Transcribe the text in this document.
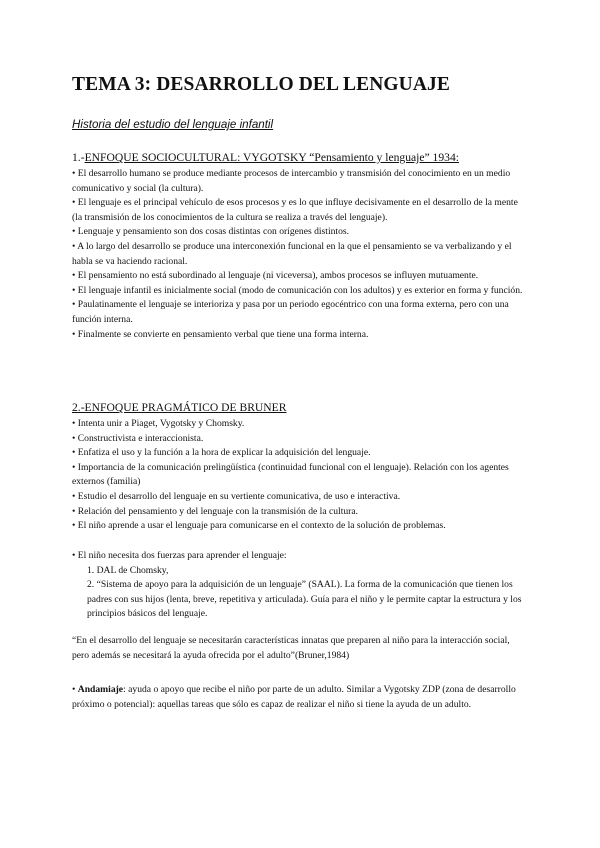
TEMA 3: DESARROLLO DEL LENGUAJE

Historia del estudio del lenguaje infantil

1.-ENFOQUE SOCIOCULTURAL: VYGOTSKY “Pensamiento y lenguaje” 1934:

• El desarrollo humano se produce mediante procesos de intercambio y transmisión del conocimiento en un medio comunicativo y social (la cultura).
• El lenguaje es el principal vehículo de esos procesos y es lo que influye decisivamente en el desarrollo de la mente (la transmisión de los conocimientos de la cultura se realiza a través del lenguaje).
• Lenguaje y pensamiento son dos cosas distintas con orígenes distintos.
• A lo largo del desarrollo se produce una interconexión funcional en la que el pensamiento se va verbalizando y el habla se va haciendo racional.
• El pensamiento no está subordinado al lenguaje (ni viceversa), ambos procesos se influyen mutuamente.
• El lenguaje infantil es inicialmente social (modo de comunicación con los adultos) y es exterior en forma y función.
• Paulatinamente el lenguaje se interioriza y pasa por un periodo egocéntrico con una forma externa, pero con una función interna.
• Finalmente se convierte en pensamiento verbal que tiene una forma interna.

2.-ENFOQUE PRAGMÁTICO DE BRUNER

• Intenta unir a Piaget, Vygotsky y Chomsky.
• Constructivista e interaccionista.
• Enfatiza el uso y la función a la hora de explicar la adquisición del lenguaje.
• Importancia de la comunicación prelingüística (continuidad funcional con el lenguaje). Relación con los agentes externos (familia)
• Estudio el desarrollo del lenguaje en su vertiente comunicativa, de uso e interactiva.
• Relación del pensamiento y del lenguaje con la transmisión de la cultura.
• El niño aprende a usar el lenguaje para comunicarse en el contexto de la solución de problemas.
• El niño necesita dos fuerzas para aprender el lenguaje:
1. DAL de Chomsky,
2. “Sistema de apoyo para la adquisición de un lenguaje” (SAAL). La forma de la comunicación que tienen los padres con sus hijos (lenta, breve, repetitiva y articulada). Guía para el niño y le permite captar la estructura y los principios básicos del lenguaje.
“En el desarrollo del lenguaje se necesitarán características innatas que preparen al niño para la interacción social, pero además se necesitará la ayuda ofrecida por el adulto”(Bruner,1984)
• Andamiaje: ayuda o apoyo que recibe el niño por parte de un adulto. Similar a Vygotsky ZDP (zona de desarrollo próximo o potencial): aquellas tareas que sólo es capaz de realizar el niño si tiene la ayuda de un adulto.
